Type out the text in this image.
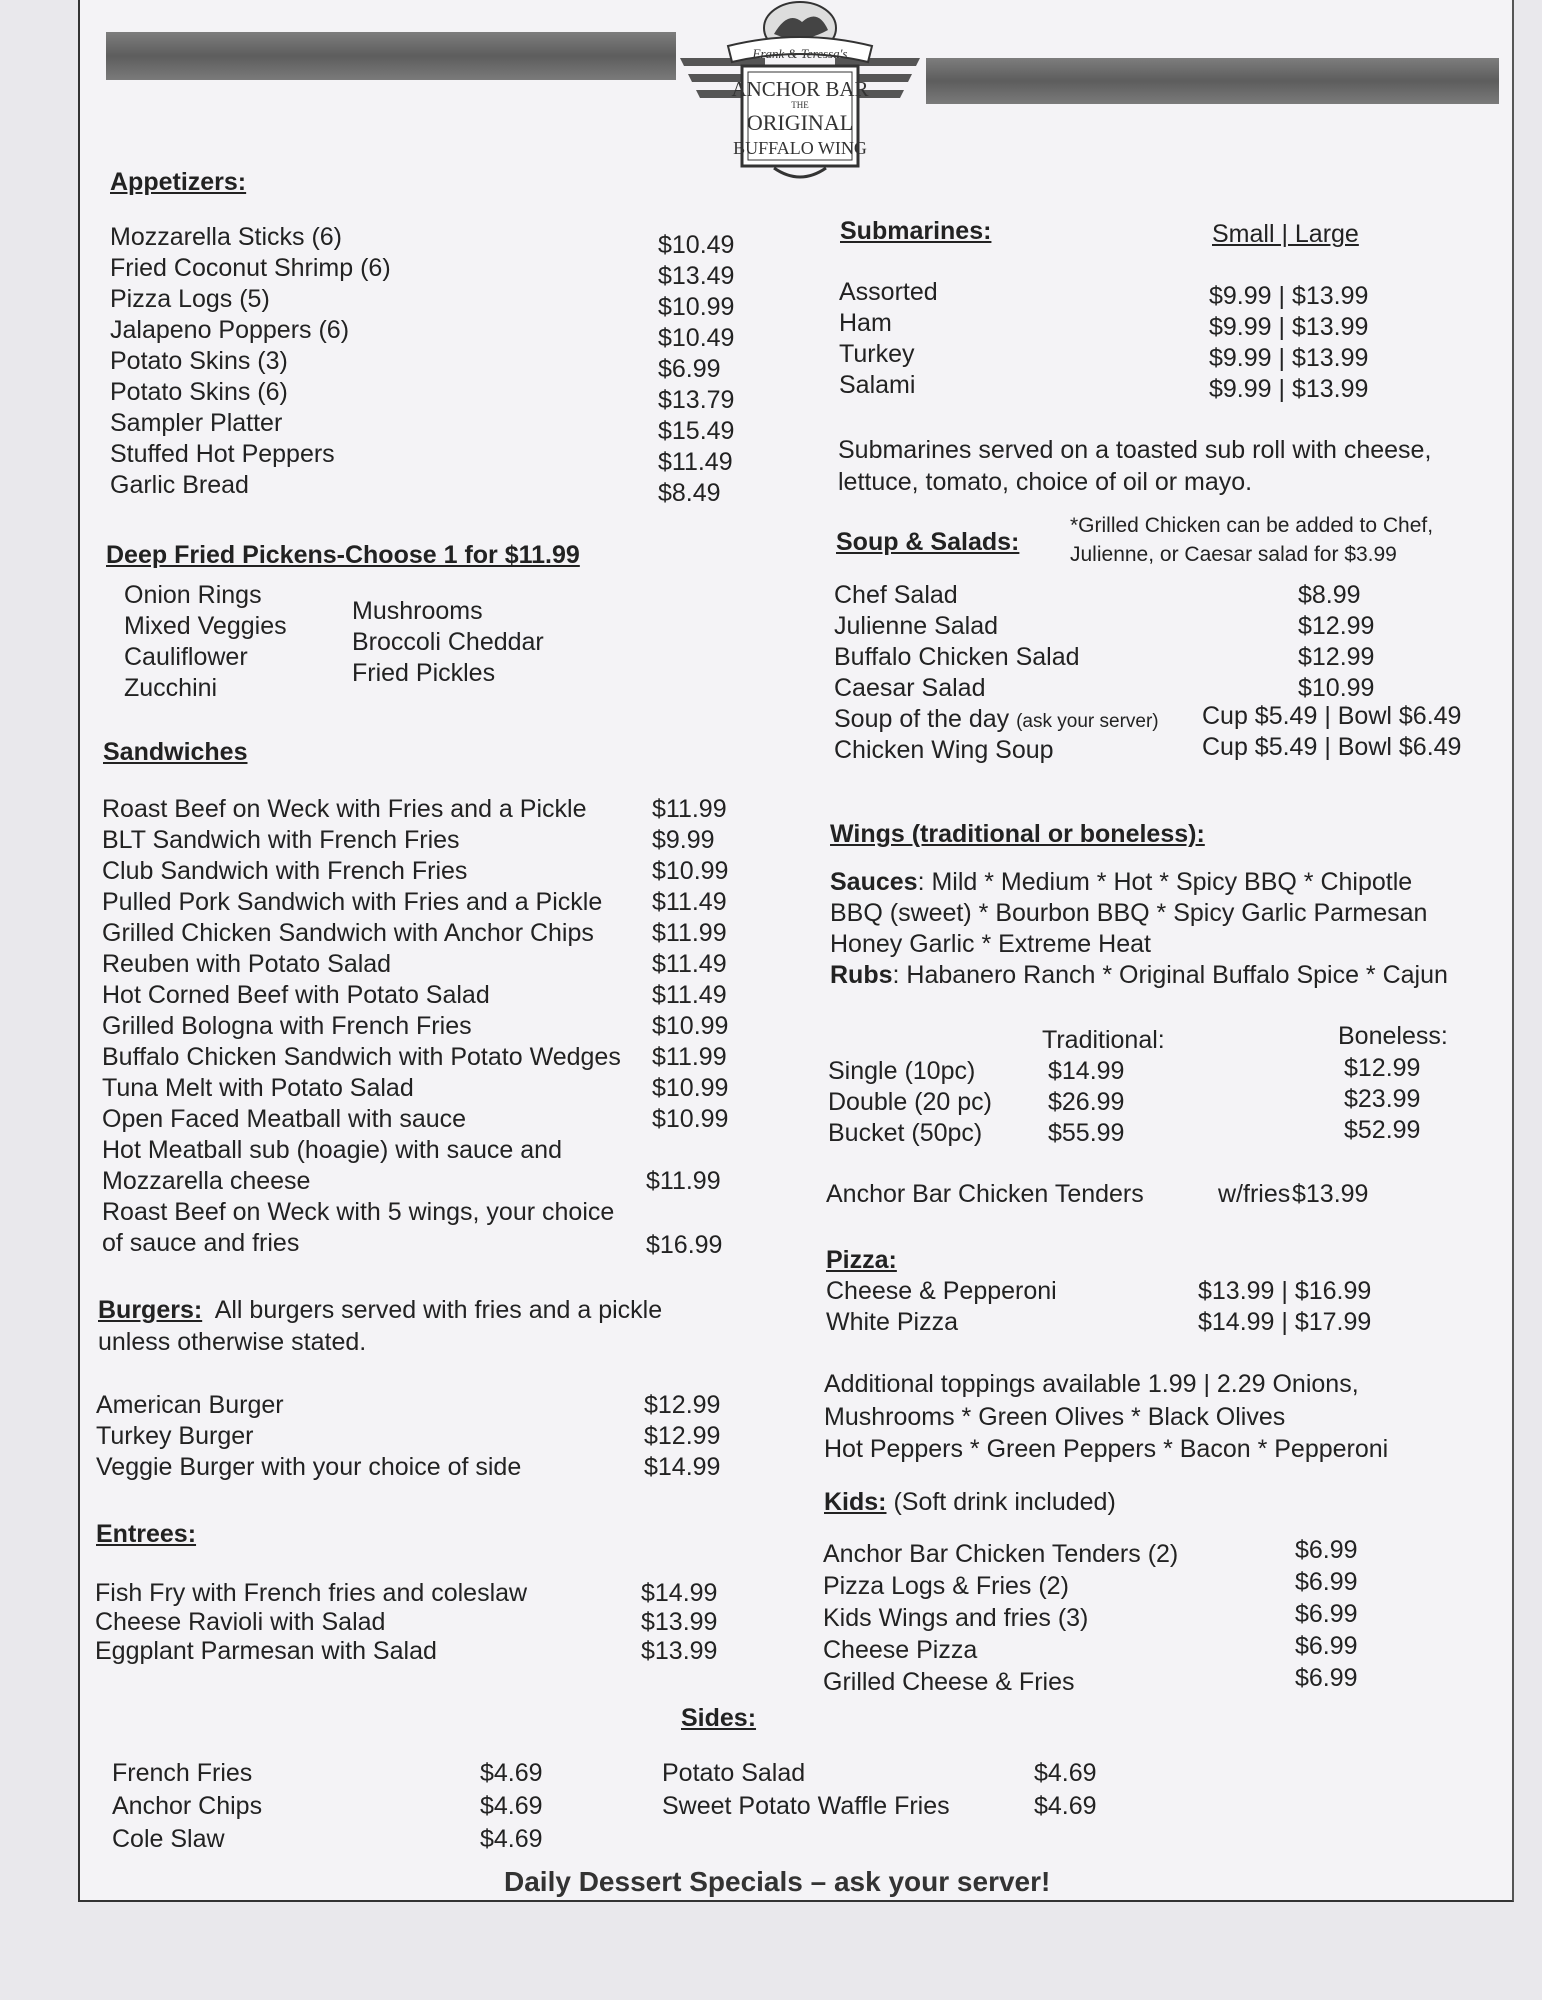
Frank & Teressa's
ANCHOR BAR
THE
ORIGINAL
BUFFALO WING
Appetizers:
Mozzarella Sticks (6)	$10.49
Fried Coconut Shrimp (6)	$13.49
Pizza Logs (5)	$10.99
Jalapeno Poppers (6)	$10.49
Potato Skins (3)	$6.99
Potato Skins (6)	$13.79
Sampler Platter	$15.49
Stuffed Hot Peppers	$11.49
Garlic Bread	$8.49
Deep Fried Pickens-Choose 1 for $11.99
Onion Rings
Mixed Veggies
Cauliflower
Zucchini
Mushrooms
Broccoli Cheddar
Fried Pickles
Sandwiches
Roast Beef on Weck with Fries and a Pickle	$11.99
BLT Sandwich with French Fries	$9.99
Club Sandwich with French Fries	$10.99
Pulled Pork Sandwich with Fries and a Pickle $11.49
Grilled Chicken Sandwich with Anchor Chips $11.99
Reuben with Potato Salad	$11.49
Hot Corned Beef with Potato Salad	$11.49
Grilled Bologna with French Fries	$10.99
Buffalo Chicken Sandwich with Potato Wedges $11.99
Tuna Melt with Potato Salad	$10.99
Open Faced Meatball with sauce	$10.99
Hot Meatball sub (hoagie) with sauce and
Mozzarella cheese	$11.99
Roast Beef on Weck with 5 wings, your choice
of sauce and fries	$16.99
Burgers: All burgers served with fries and a pickle
unless otherwise stated.
American Burger	$12.99
Turkey Burger	$12.99
Veggie Burger with your choice of side	$14.99
Entrees:
Fish Fry with French fries and coleslaw	$14.99
Cheese Ravioli with Salad	$13.99
Eggplant Parmesan with Salad	$13.99
Submarines:	Small | Large
Assorted	$9.99 | $13.99
Ham	$9.99 | $13.99
Turkey	$9.99 | $13.99
Salami	$9.99 | $13.99
Submarines served on a toasted sub roll with cheese,
lettuce, tomato, choice of oil or mayo.
Soup & Salads:
*Grilled Chicken can be added to Chef,
Julienne, or Caesar salad for $3.99
Chef Salad	$8.99
Julienne Salad	$12.99
Buffalo Chicken Salad	$12.99
Caesar Salad	$10.99
Soup of the day (ask your server) Cup $5.49 | Bowl $6.49
Chicken Wing Soup	Cup $5.49 | Bowl $6.49
Wings (traditional or boneless):
Sauces: Mild * Medium * Hot * Spicy BBQ * Chipotle
BBQ (sweet) * Bourbon BBQ * Spicy Garlic Parmesan
Honey Garlic * Extreme Heat
Rubs: Habanero Ranch * Original Buffalo Spice * Cajun
Traditional:	Boneless:
Single (10pc)	$14.99	$12.99
Double (20 pc) $26.99	$23.99
Bucket (50pc)	$55.99	$52.99
Anchor Bar Chicken Tenders	w/fries $13.99
Pizza:
Cheese & Pepperoni	$13.99 | $16.99
White Pizza	$14.99 | $17.99
Additional toppings available 1.99 | 2.29 Onions,
Mushrooms * Green Olives * Black Olives
Hot Peppers * Green Peppers * Bacon * Pepperoni
Kids: (Soft drink included)
Anchor Bar Chicken Tenders (2)	$6.99
Pizza Logs & Fries (2)	$6.99
Kids Wings and fries (3)	$6.99
Cheese Pizza	$6.99
Grilled Cheese & Fries	$6.99
Sides:
French Fries	$4.69
Anchor Chips	$4.69
Cole Slaw	$4.69
Potato Salad	$4.69
Sweet Potato Waffle Fries	$4.69
Daily Dessert Specials – ask your server!
